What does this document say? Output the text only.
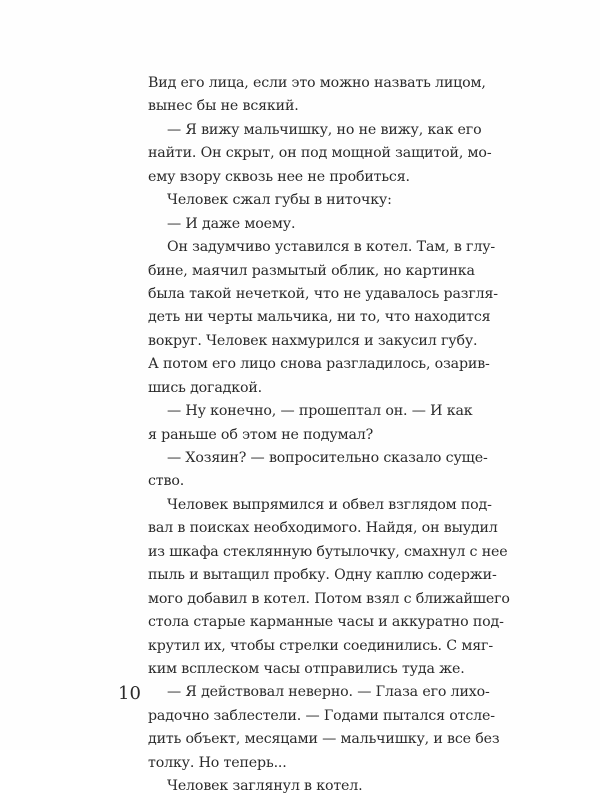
Вид его лица, если это можно назвать лицом,
вынес бы не всякий.
— Я вижу мальчишку, но не вижу, как его
найти. Он скрыт, он под мощной защитой, мо-
ему взору сквозь нее не пробиться.
Человек сжал губы в ниточку:
— И даже моему.
Он задумчиво уставился в котел. Там, в глу-
бине, маячил размытый облик, но картинка
была такой нечеткой, что не удавалось разгля-
деть ни черты мальчика, ни то, что находится
вокруг. Человек нахмурился и закусил губу.
А потом его лицо снова разгладилось, озарив-
шись догадкой.
— Ну конечно, — прошептал он. — И как
я раньше об этом не подумал?
— Хозяин? — вопросительно сказало суще-
ство.
Человек выпрямился и обвел взглядом под-
вал в поисках необходимого. Найдя, он выудил
из шкафа стеклянную бутылочку, смахнул с нее
пыль и вытащил пробку. Одну каплю содержи-
мого добавил в котел. Потом взял с ближайшего
стола старые карманные часы и аккуратно под-
крутил их, чтобы стрелки соединились. С мяг-
ким всплеском часы отправились туда же.
— Я действовал неверно. — Глаза его лихо-
радочно заблестели. — Годами пытался отсле-
дить объект, месяцами — мальчишку, и все без
толку. Но теперь...
Человек заглянул в котел.
10
